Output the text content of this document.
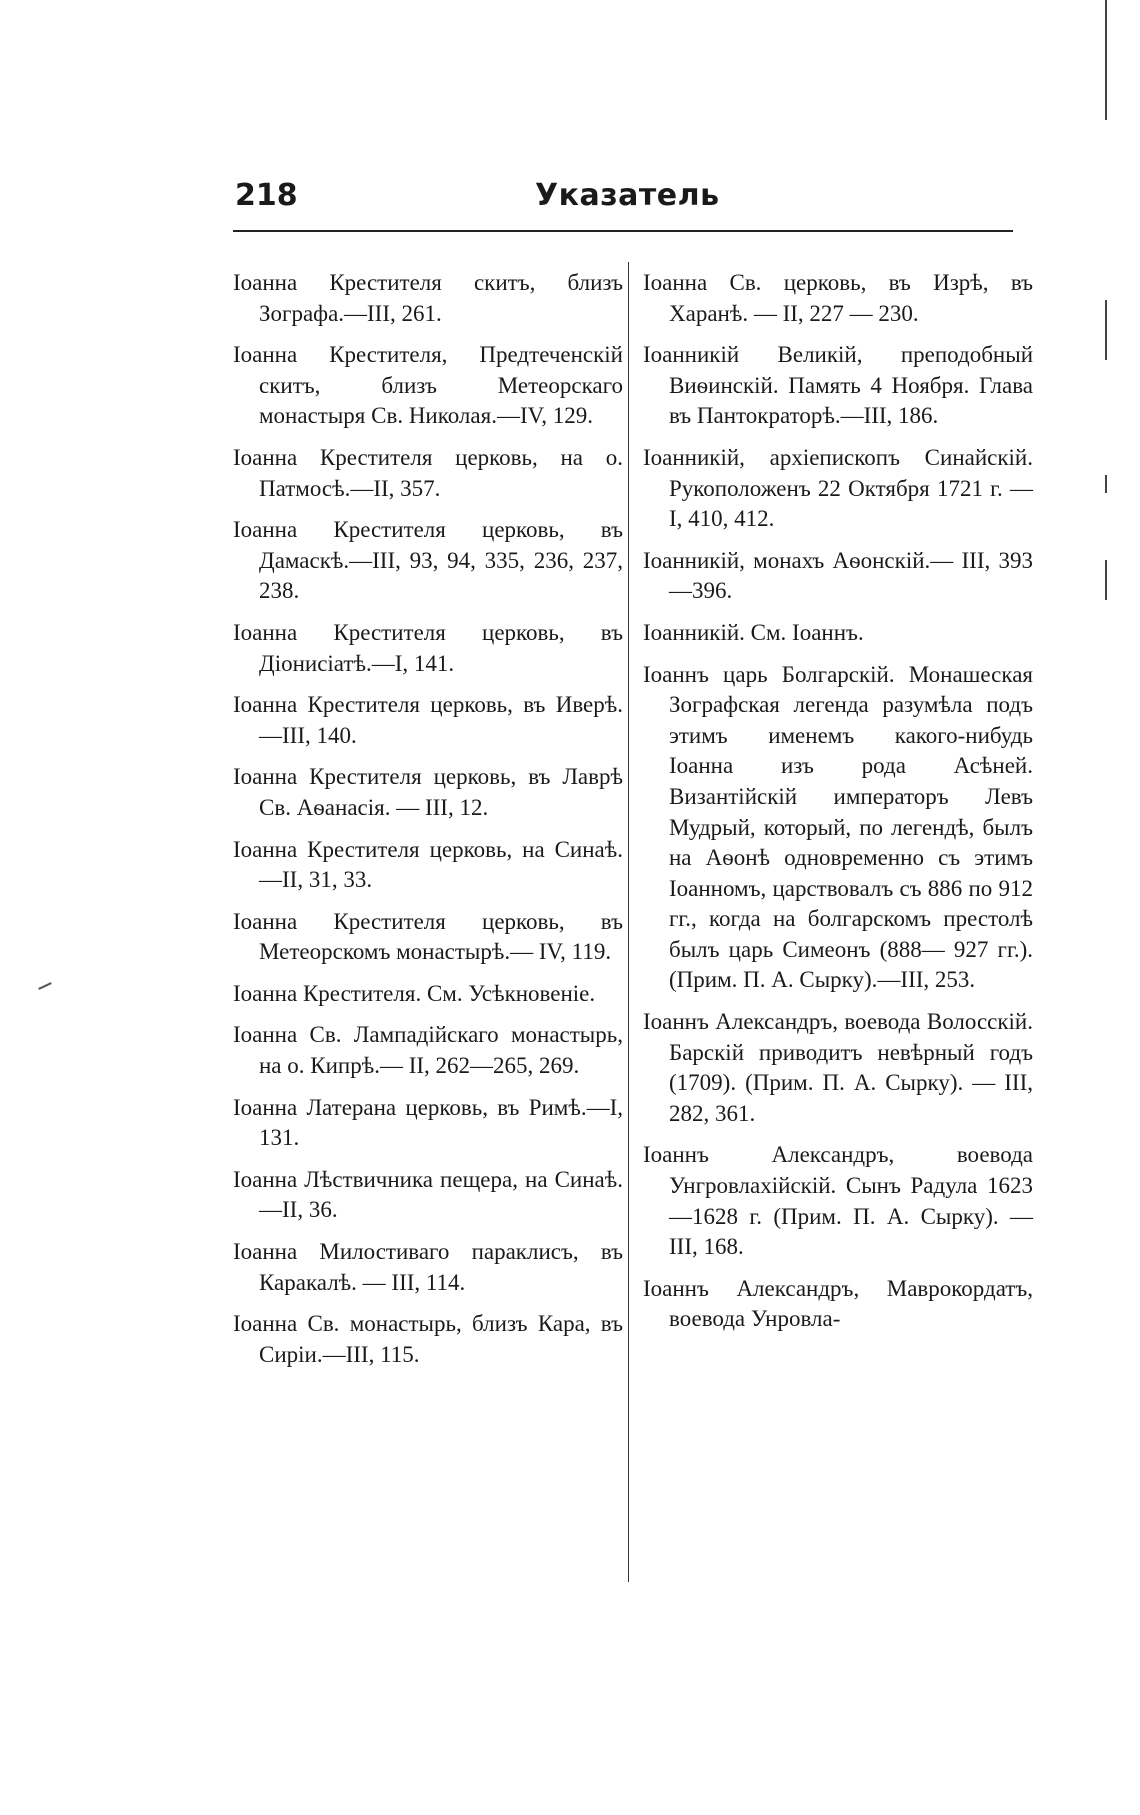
218	Указатель

Іоанна Крестителя скитъ, близъ Зографа.—III, 261.

Іоанна Крестителя, Предтеченскій скитъ, близъ Метеорскаго монастыря Св. Николая.—IV, 129.

Іоанна Крестителя церковь, на о. Патмосѣ.—II, 357.

Іоанна Крестителя церковь, въ Дамаскѣ.—III, 93, 94, 335, 236, 237, 238.

Іоанна Крестителя церковь, въ Діонисіатѣ.—I, 141.

Іоанна Крестителя церковь, въ Иверѣ.—III, 140.

Іоанна Крестителя церковь, въ Лаврѣ Св. Аѳанасія. — III, 12.

Іоанна Крестителя церковь, на Синаѣ.—II, 31, 33.

Іоанна Крестителя церковь, въ Метеорскомъ монастырѣ.— IV, 119.

Іоанна Крестителя. См. Усѣкновеніе.

Іоанна Св. Лампадійскаго монастырь, на о. Кипрѣ.— II, 262—265, 269.

Іоанна Латерана церковь, въ Римѣ.—I, 131.

Іоанна Лѣствичника пещера, на Синаѣ.—II, 36.

Іоанна Милостиваго параклисъ, въ Каракалѣ. — III, 114.

Іоанна Св. монастырь, близъ Кара, въ Сиріи.—III, 115.

Іоанна Св. церковь, въ Изрѣ, въ Харанѣ. — II, 227 — 230.

Іоанникій Великій, преподобный Виѳинскій. Память 4 Ноября. Глава въ Пантократорѣ.—III, 186.

Іоанникій, архіепископъ Синайскій. Рукоположенъ 22 Октября 1721 г. — I, 410, 412.

Іоанникій, монахъ Аѳонскій.— III, 393—396.

Іоанникій. См. Іоаннъ.

Іоаннъ царь Болгарскій. Монашеская Зографская легенда разумѣла подъ этимъ именемъ какого-нибудь Іоанна изъ рода Асѣней. Византійскій императоръ Левъ Мудрый, который, по легендѣ, былъ на Аѳонѣ одновременно съ этимъ Іоанномъ, царствовалъ съ 886 по 912 гг., когда на болгарскомъ престолѣ былъ царь Симеонъ (888— 927 гг.). (Прим. П. А. Сырку).—III, 253.

Іоаннъ Александръ, воевода Волосскій. Барскій приводитъ невѣрный годъ (1709). (Прим. П. А. Сырку). — III, 282, 361.

Іоаннъ Александръ, воевода Унгровлахійскій. Сынъ Радула 1623—1628 г. (Прим. П. А. Сырку). — III, 168.

Іоаннъ Александръ, Маврокордатъ, воевода Унровла-
